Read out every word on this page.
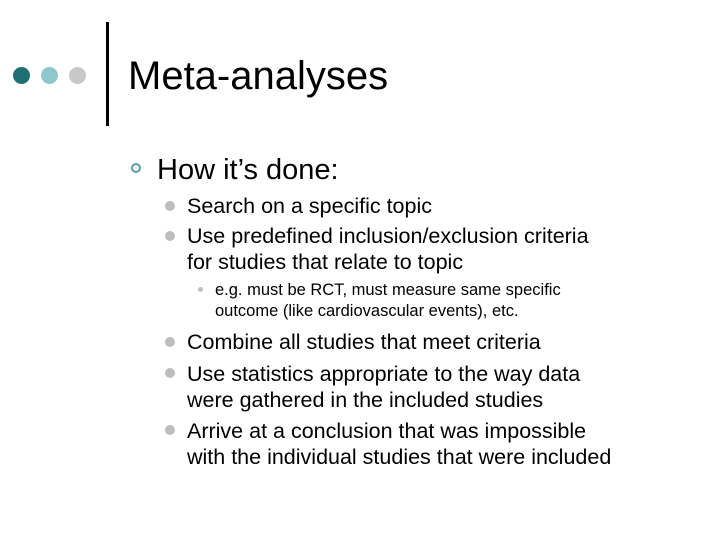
Meta-analyses
How it’s done:
Search on a specific topic
Use predefined inclusion/exclusion criteria
for studies that relate to topic
e.g. must be RCT, must measure same specific
outcome (like cardiovascular events), etc.
Combine all studies that meet criteria
Use statistics appropriate to the way data
were gathered in the included studies
Arrive at a conclusion that was impossible
with the individual studies that were included
